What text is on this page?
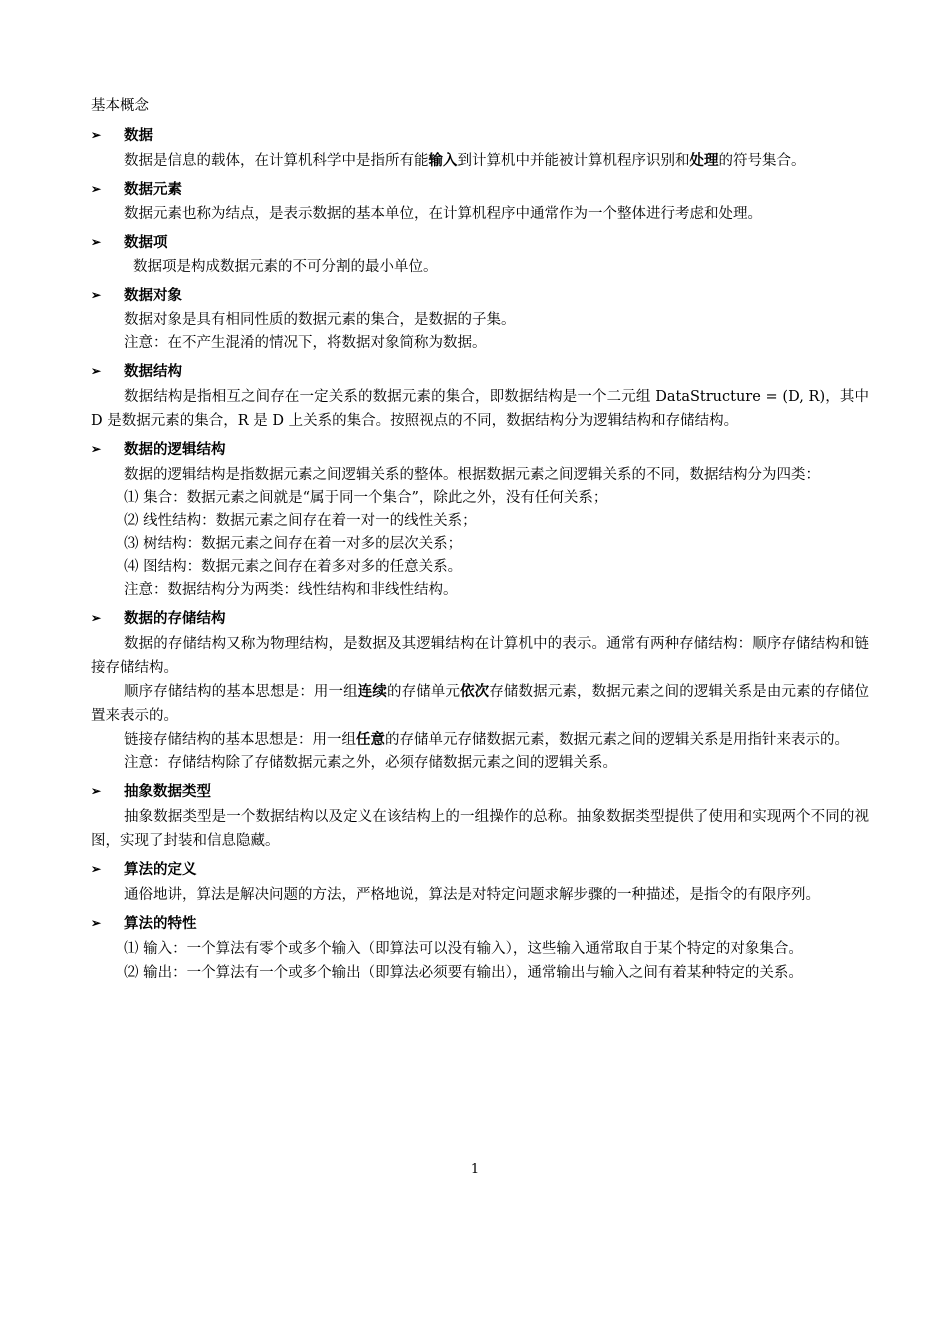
基本概念
➢	数据

数据是信息的载体，在计算机科学中是指所有能输入到计算机中并能被计算机程序识别和处理的符号集合。

➢	数据元素

数据元素也称为结点，是表示数据的基本单位，在计算机程序中通常作为一个整体进行考虑和处理。

➢	数据项

数据项是构成数据元素的不可分割的最小单位。

➢	数据对象

数据对象是具有相同性质的数据元素的集合，是数据的子集。

注意：在不产生混淆的情况下，将数据对象简称为数据。

➢	数据结构

数据结构是指相互之间存在一定关系的数据元素的集合，即数据结构是一个二元组 DataStructure = (D, R)，其中 D 是数据元素的集合，R 是 D 上关系的集合。按照视点的不同，数据结构分为逻辑结构和存储结构。

➢	数据的逻辑结构

数据的逻辑结构是指数据元素之间逻辑关系的整体。根据数据元素之间逻辑关系的不同，数据结构分为四类：

⑴ 集合：数据元素之间就是“属于同一个集合”，除此之外，没有任何关系；

⑵ 线性结构：数据元素之间存在着一对一的线性关系；

⑶ 树结构：数据元素之间存在着一对多的层次关系；

⑷ 图结构：数据元素之间存在着多对多的任意关系。

注意：数据结构分为两类：线性结构和非线性结构。

➢	数据的存储结构

数据的存储结构又称为物理结构，是数据及其逻辑结构在计算机中的表示。通常有两种存储结构：顺序存储结构和链接存储结构。

顺序存储结构的基本思想是：用一组连续的存储单元依次存储数据元素，数据元素之间的逻辑关系是由元素的存储位置来表示的。

链接存储结构的基本思想是：用一组任意的存储单元存储数据元素，数据元素之间的逻辑关系是用指针来表示的。

注意：存储结构除了存储数据元素之外，必须存储数据元素之间的逻辑关系。

➢	抽象数据类型

抽象数据类型是一个数据结构以及定义在该结构上的一组操作的总称。抽象数据类型提供了使用和实现两个不同的视图，实现了封装和信息隐藏。

➢	算法的定义

通俗地讲，算法是解决问题的方法，严格地说，算法是对特定问题求解步骤的一种描述，是指令的有限序列。

➢	算法的特性

⑴ 输入：一个算法有零个或多个输入（即算法可以没有输入），这些输入通常取自于某个特定的对象集合。

⑵ 输出：一个算法有一个或多个输出（即算法必须要有输出），通常输出与输入之间有着某种特定的关系。

1
